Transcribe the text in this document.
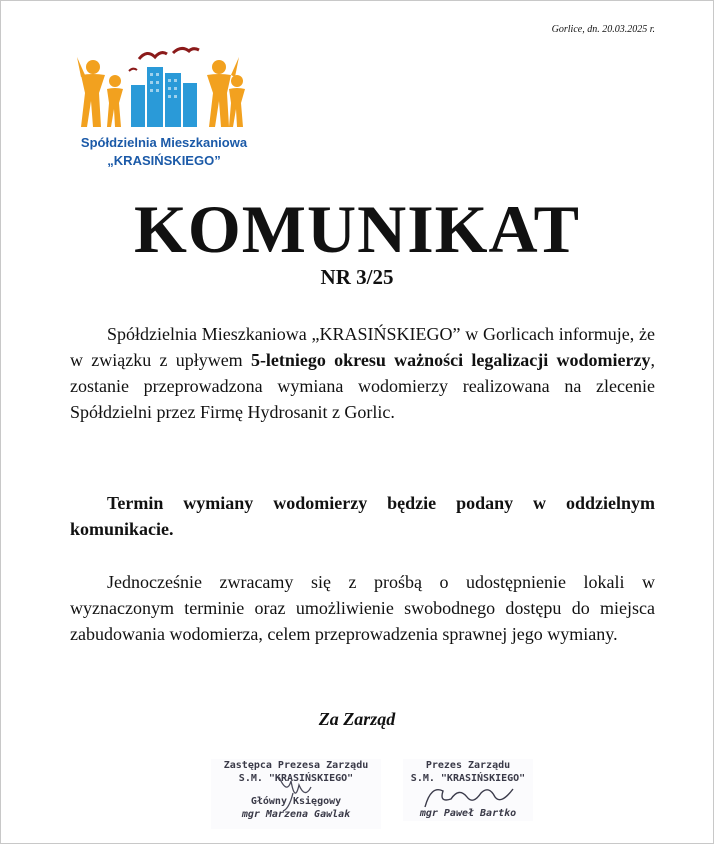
Gorlice, dn. 20.03.2025 r.
Spółdzielnia Mieszkaniowa
„KRASIŃSKIEGO”
KOMUNIKAT
NR 3/25
Spółdzielnia Mieszkaniowa „KRASIŃSKIEGO” w Gorlicach informuje, że w związku z upływem 5-letniego okresu ważności legalizacji wodomierzy, zostanie przeprowadzona wymiana wodomierzy realizowana na zlecenie Spółdzielni przez Firmę Hydrosanit z Gorlic.
Termin wymiany wodomierzy będzie podany w oddzielnym komunikacie.
Jednocześnie zwracamy się z prośbą o udostępnienie lokali w wyznaczonym terminie oraz umożliwienie swobodnego dostępu do miejsca zabudowania wodomierza, celem przeprowadzenia sprawnej jego wymiany.
Za Zarząd
Zastępca Prezesa Zarządu
S.M. "KRASIŃSKIEGO"
Główny Księgowy
mgr Marzena Gawlak
Prezes Zarządu
S.M. "KRASIŃSKIEGO"
mgr Paweł Bartko
